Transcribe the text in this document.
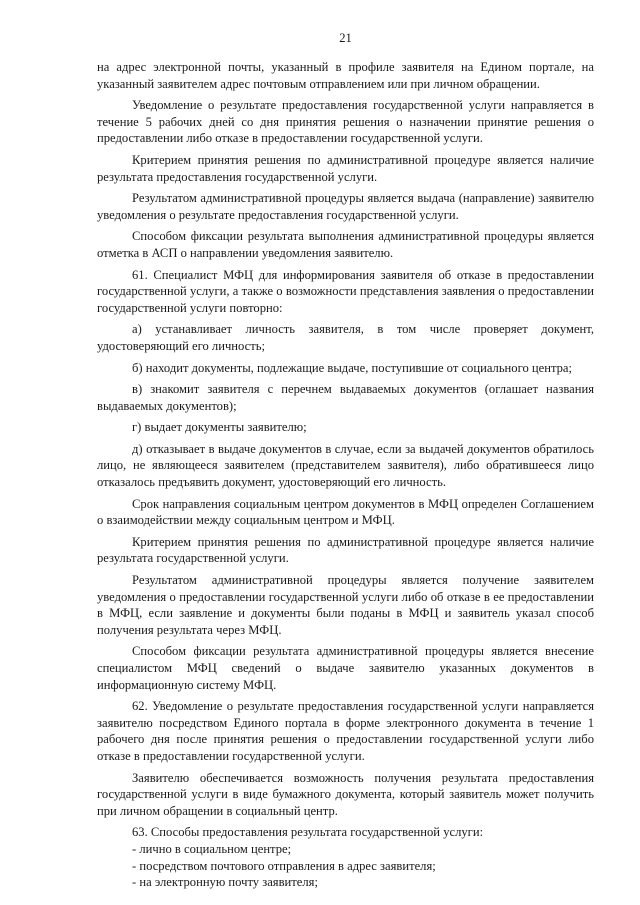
21

на адрес электронной почты, указанный в профиле заявителя на Едином портале, на указанный заявителем адрес почтовым отправлением или при личном обращении.

Уведомление о результате предоставления государственной услуги направляется в течение 5 рабочих дней со дня принятия решения о назначении принятие решения о предоставлении либо отказе в предоставлении государственной услуги.

Критерием принятия решения по административной процедуре является наличие результата предоставления государственной услуги.

Результатом административной процедуры является выдача (направление) заявителю уведомления о результате предоставления государственной услуги.

Способом фиксации результата выполнения административной процедуры является отметка в АСП о направлении уведомления заявителю.

61. Специалист МФЦ для информирования заявителя об отказе в предоставлении государственной услуги, а также о возможности представления заявления о предоставлении государственной услуги повторно:

а) устанавливает личность заявителя, в том числе проверяет документ, удостоверяющий его личность;

б) находит документы, подлежащие выдаче, поступившие от социального центра;

в) знакомит заявителя с перечнем выдаваемых документов (оглашает названия выдаваемых документов);

г) выдает документы заявителю;

д) отказывает в выдаче документов в случае, если за выдачей документов обратилось лицо, не являющееся заявителем (представителем заявителя), либо обратившееся лицо отказалось предъявить документ, удостоверяющий его личность.

Срок направления социальным центром документов в МФЦ определен Соглашением о взаимодействии между социальным центром и МФЦ.

Критерием принятия решения по административной процедуре является наличие результата государственной услуги.

Результатом административной процедуры является получение заявителем уведомления о предоставлении государственной услуги либо об отказе в ее предоставлении в МФЦ, если заявление и документы были поданы в МФЦ и заявитель указал способ получения результата через МФЦ.

Способом фиксации результата административной процедуры является внесение специалистом МФЦ сведений о выдаче заявителю указанных документов в информационную систему МФЦ.

62. Уведомление о результате предоставления государственной услуги направляется заявителю посредством Единого портала в форме электронного документа в течение 1 рабочего дня после принятия решения о предоставлении государственной услуги либо отказе в предоставлении государственной услуги.

Заявителю обеспечивается возможность получения результата предоставления государственной услуги в виде бумажного документа, который заявитель может получить при личном обращении в социальный центр.

63. Способы предоставления результата государственной услуги:

- лично в социальном центре;

- посредством почтового отправления в адрес заявителя;

- на электронную почту заявителя;
